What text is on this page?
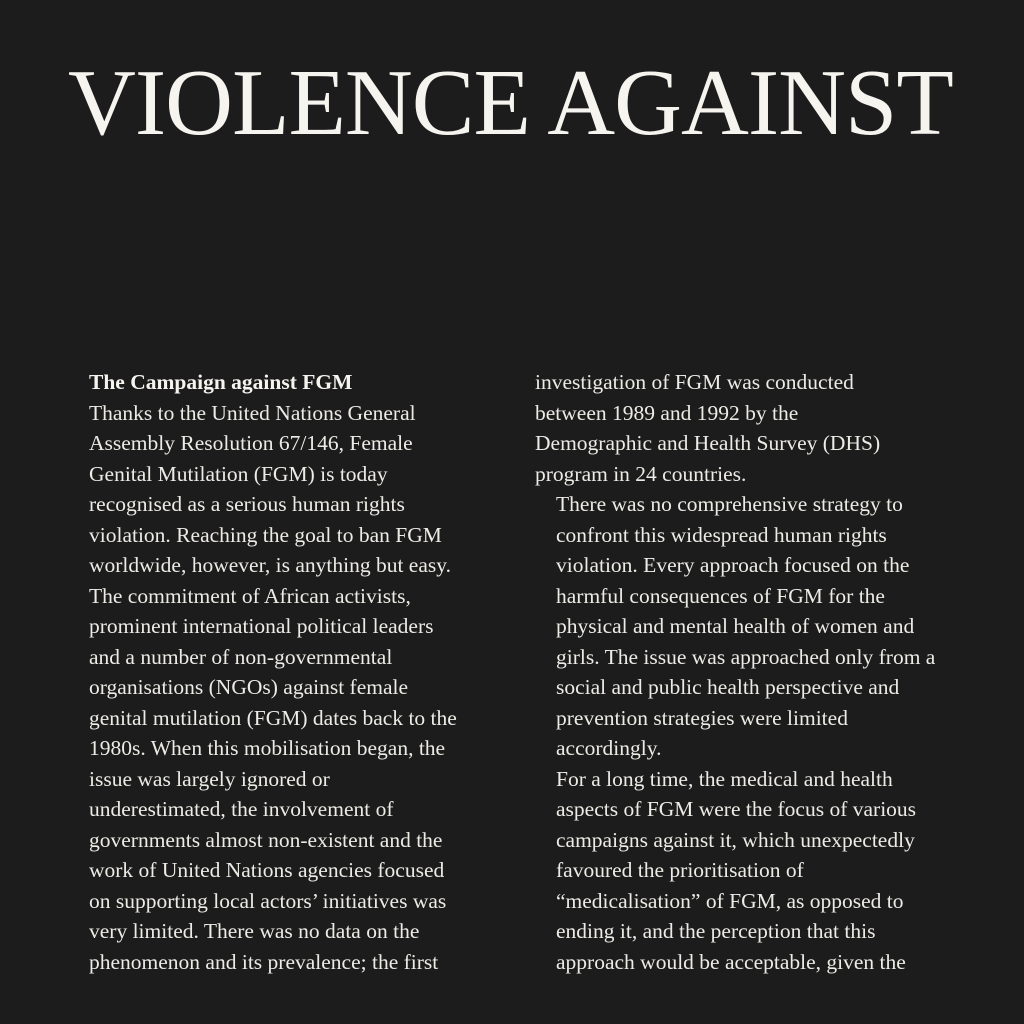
VIOLENCE AGAINST
The Campaign against FGM

Thanks to the United Nations General
Assembly Resolution 67/146, Female
Genital Mutilation (FGM) is today
recognised as a serious human rights
violation. Reaching the goal to ban FGM
worldwide, however, is anything but easy.

The commitment of African activists,
prominent international political leaders
and a number of non-governmental
organisations (NGOs) against female
genital mutilation (FGM) dates back to the
1980s. When this mobilisation began, the
issue was largely ignored or
underestimated, the involvement of
governments almost non-existent and the
work of United Nations agencies focused
on supporting local actors’ initiatives was
very limited. There was no data on the
phenomenon and its prevalence; the first

investigation of FGM was conducted
between 1989 and 1992 by the
Demographic and Health Survey (DHS)
program in 24 countries.

There was no comprehensive strategy to
confront this widespread human rights
violation. Every approach focused on the
harmful consequences of FGM for the
physical and mental health of women and
girls. The issue was approached only from a
social and public health perspective and
prevention strategies were limited
accordingly.

For a long time, the medical and health
aspects of FGM were the focus of various
campaigns against it, which unexpectedly
favoured the prioritisation of
“medicalisation” of FGM, as opposed to
ending it, and the perception that this
approach would be acceptable, given the
